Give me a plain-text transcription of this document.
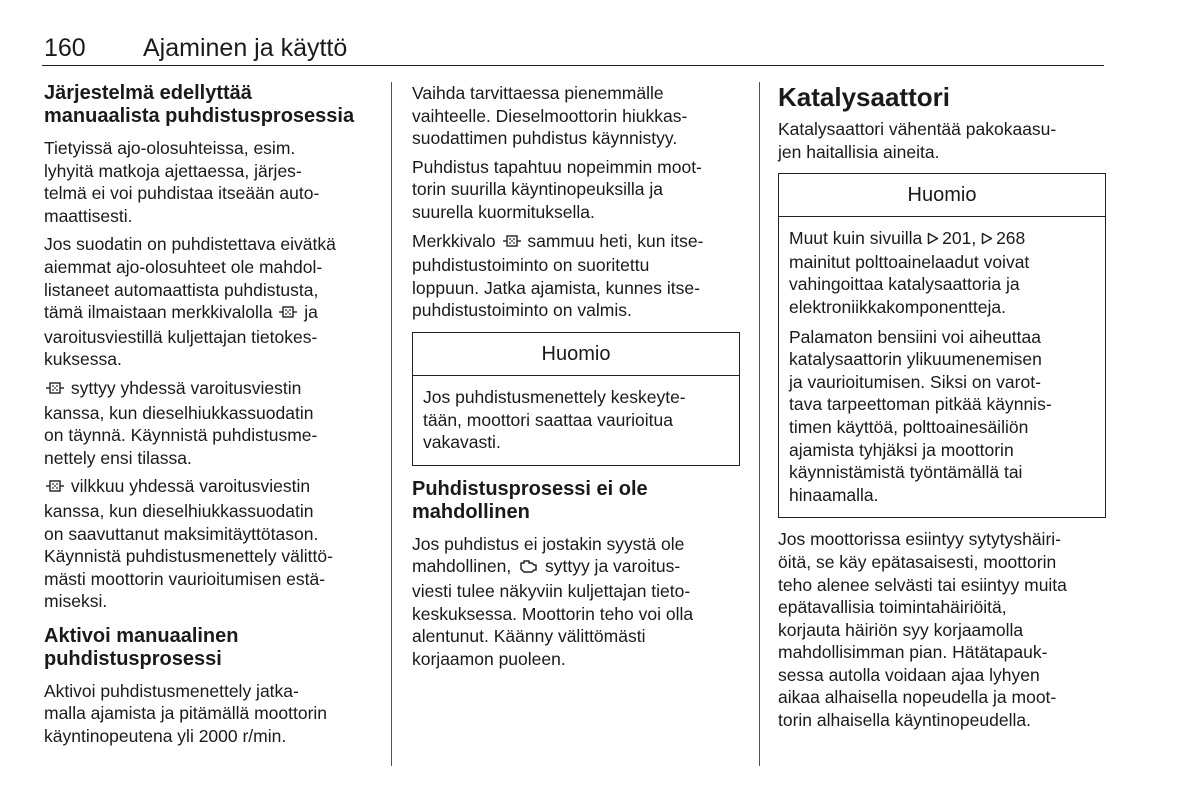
160 Ajaminen ja käyttö
Järjestelmä edellyttää
manuaalista puhdistusprosessia

Tietyissä ajo-olosuhteissa, esim.
lyhyitä matkoja ajettaessa, järjes-
telmä ei voi puhdistaa itseään auto-
maattisesti.

Jos suodatin on puhdistettava eivätkä
aiemmat ajo-olosuhteet ole mahdol-
listaneet automaattista puhdistusta,
tämä ilmaistaan merkkivalolla  ja
varoitusviestillä kuljettajan tietokes-
kuksessa.

syttyy yhdessä varoitusviestin
kanssa, kun dieselhiukkassuodatin
on täynnä. Käynnistä puhdistusme-
nettely ensi tilassa.

vilkkuu yhdessä varoitusviestin
kanssa, kun dieselhiukkassuodatin
on saavuttanut maksimitäyttötason.
Käynnistä puhdistusmenettely välittö-
mästi moottorin vaurioitumisen estä-
miseksi.

Aktivoi manuaalinen
puhdistusprosessi

Aktivoi puhdistusmenettely jatka-
malla ajamista ja pitämällä moottorin
käyntinopeutena yli 2000 r/min.

Vaihda tarvittaessa pienemmälle
vaihteelle. Dieselmoottorin hiukkas-
suodattimen puhdistus käynnistyy.

Puhdistus tapahtuu nopeimmin moot-
torin suurilla käyntinopeuksilla ja
suurella kuormituksella.

Merkkivalo  sammuu heti, kun itse-
puhdistustoiminto on suoritettu
loppuun. Jatka ajamista, kunnes itse-
puhdistustoiminto on valmis.

Huomio

Jos puhdistusmenettely keskeyte-
tään, moottori saattaa vaurioitua
vakavasti.

Puhdistusprosessi ei ole
mahdollinen

Jos puhdistus ei jostakin syystä ole
mahdollinen,  syttyy ja varoitus-
viesti tulee näkyviin kuljettajan tieto-
keskuksessa. Moottorin teho voi olla
alentunut. Käänny välittömästi
korjaamon puoleen.

Katalysaattori

Katalysaattori vähentää pakokaasu-
jen haitallisia aineita.

Huomio

Muut kuin sivuilla 201, 268
mainitut polttoainelaadut voivat
vahingoittaa katalysaattoria ja
elektroniikkakomponentteja.

Palamaton bensiini voi aiheuttaa
katalysaattorin ylikuumenemisen
ja vaurioitumisen. Siksi on varot-
tava tarpeettoman pitkää käynnis-
timen käyttöä, polttoainesäiliön
ajamista tyhjäksi ja moottorin
käynnistämistä työntämällä tai
hinaamalla.

Jos moottorissa esiintyy sytytyshäiri-
öitä, se käy epätasaisesti, moottorin
teho alenee selvästi tai esiintyy muita
epätavallisia toimintahäiriöitä,
korjauta häiriön syy korjaamolla
mahdollisimman pian. Hätätapauk-
sessa autolla voidaan ajaa lyhyen
aikaa alhaisella nopeudella ja moot-
torin alhaisella käyntinopeudella.
